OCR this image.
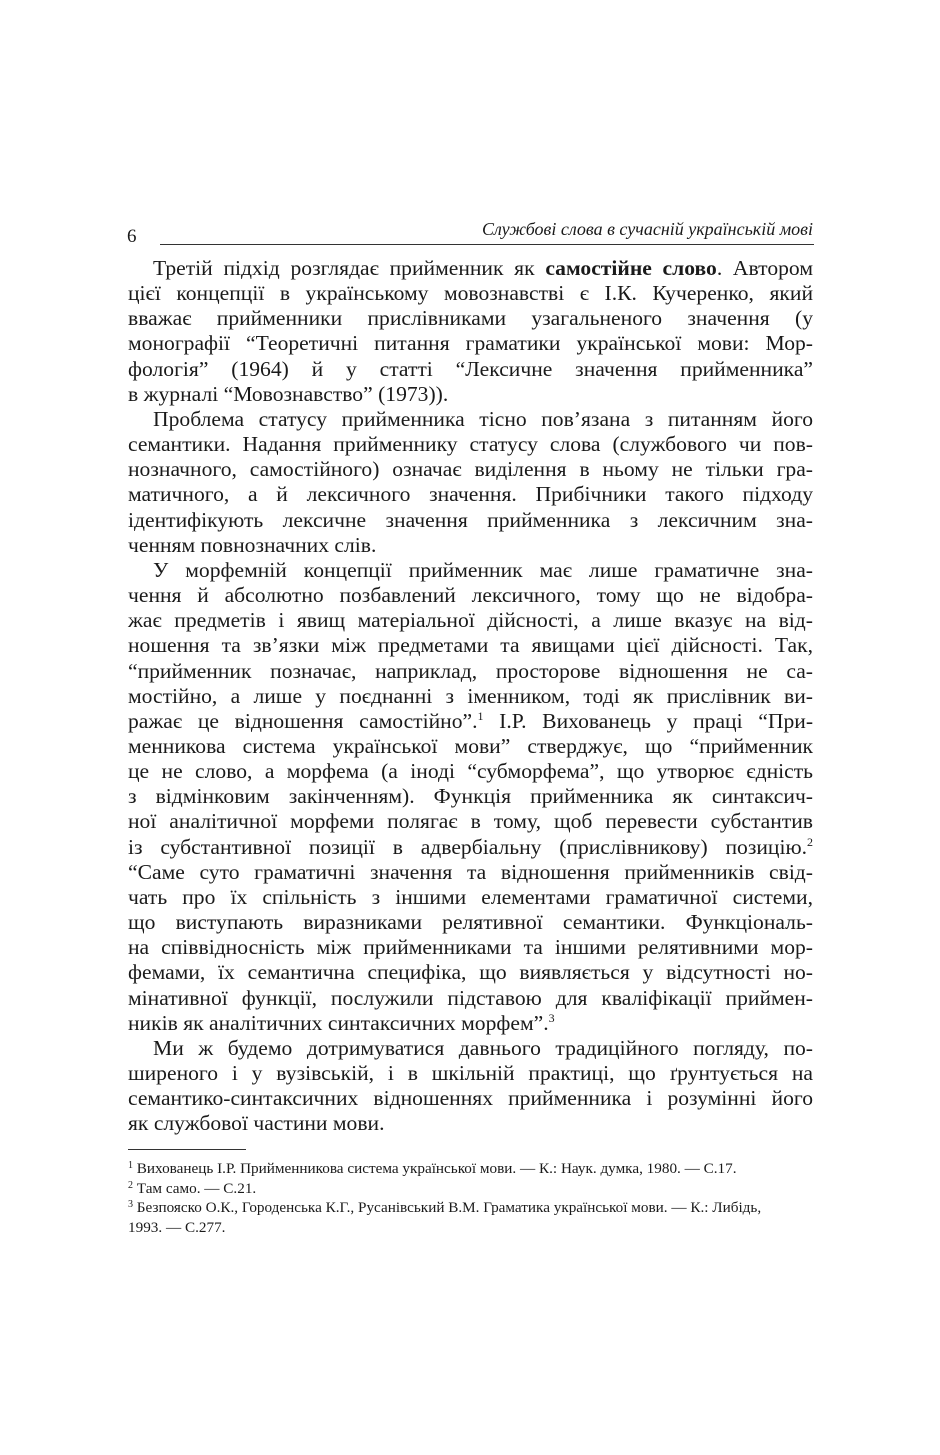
6	Службові слова в сучасній українській мові
Третій підхід розглядає прийменник як самостійне слово. Автором
цієї концепції в українському мовознавстві є І.К. Кучеренко, який
вважає прийменники прислівниками узагальненого значення (у
монографії “Теоретичні питання граматики української мови: Мор-
фологія” (1964) й у статті “Лексичне значення прийменника”
в журналі “Мовознавство” (1973)).
Проблема статусу прийменника тісно пов’язана з питанням його
семантики. Надання прийменнику статусу слова (службового чи пов-
нозначного, самостійного) означає виділення в ньому не тільки гра-
матичного, а й лексичного значення. Прибічники такого підходу
ідентифікують лексичне значення прийменника з лексичним зна-
ченням повнозначних слів.
У морфемній концепції прийменник має лише граматичне зна-
чення й абсолютно позбавлений лексичного, тому що не відобра-
жає предметів і явищ матеріальної дійсності, а лише вказує на від-
ношення та зв’язки між предметами та явищами цієї дійсності. Так,
“прийменник позначає, наприклад, просторове відношення не са-
мостійно, а лише у поєднанні з іменником, тоді як прислівник ви-
ражає це відношення самостійно”.$^1$ І.Р. Вихованець у праці “При-
менникова система української мови” стверджує, що “прийменник
це не слово, а морфема (а іноді “субморфема”, що утворює єдність
з відмінковим закінченням). Функція прийменника як синтаксич-
ної аналітичної морфеми полягає в тому, щоб перевести субстантив
із субстантивної позиції в адвербіальну (прислівникову) позицію.$^2$
“Саме суто граматичні значення та відношення прийменників свід-
чать про їх спільність з іншими елементами граматичної системи,
що виступають виразниками релятивної семантики. Функціональ-
на співвідносність між прийменниками та іншими релятивними мор-
фемами, їх семантична специфіка, що виявляється у відсутності но-
мінативної функції, послужили підставою для кваліфікації приймен-
ників як аналітичних синтаксичних морфем”.$^3$
Ми ж будемо дотримуватися давнього традиційного погляду, по-
ширеного і у вузівській, і в шкільній практиці, що ґрунтується на
семантико-синтаксичних відношеннях прийменника і розумінні його
як службової частини мови.
$^1$ Вихованець І.Р. Прийменникова система української мови. — К.: Наук. думка, 1980. — С.17.
$^2$ Там само. — С.21.
$^3$ Безпояско О.К., Городенська К.Г., Русанівський В.М. Граматика української мови. — К.: Либідь,
1993. — С.277.
